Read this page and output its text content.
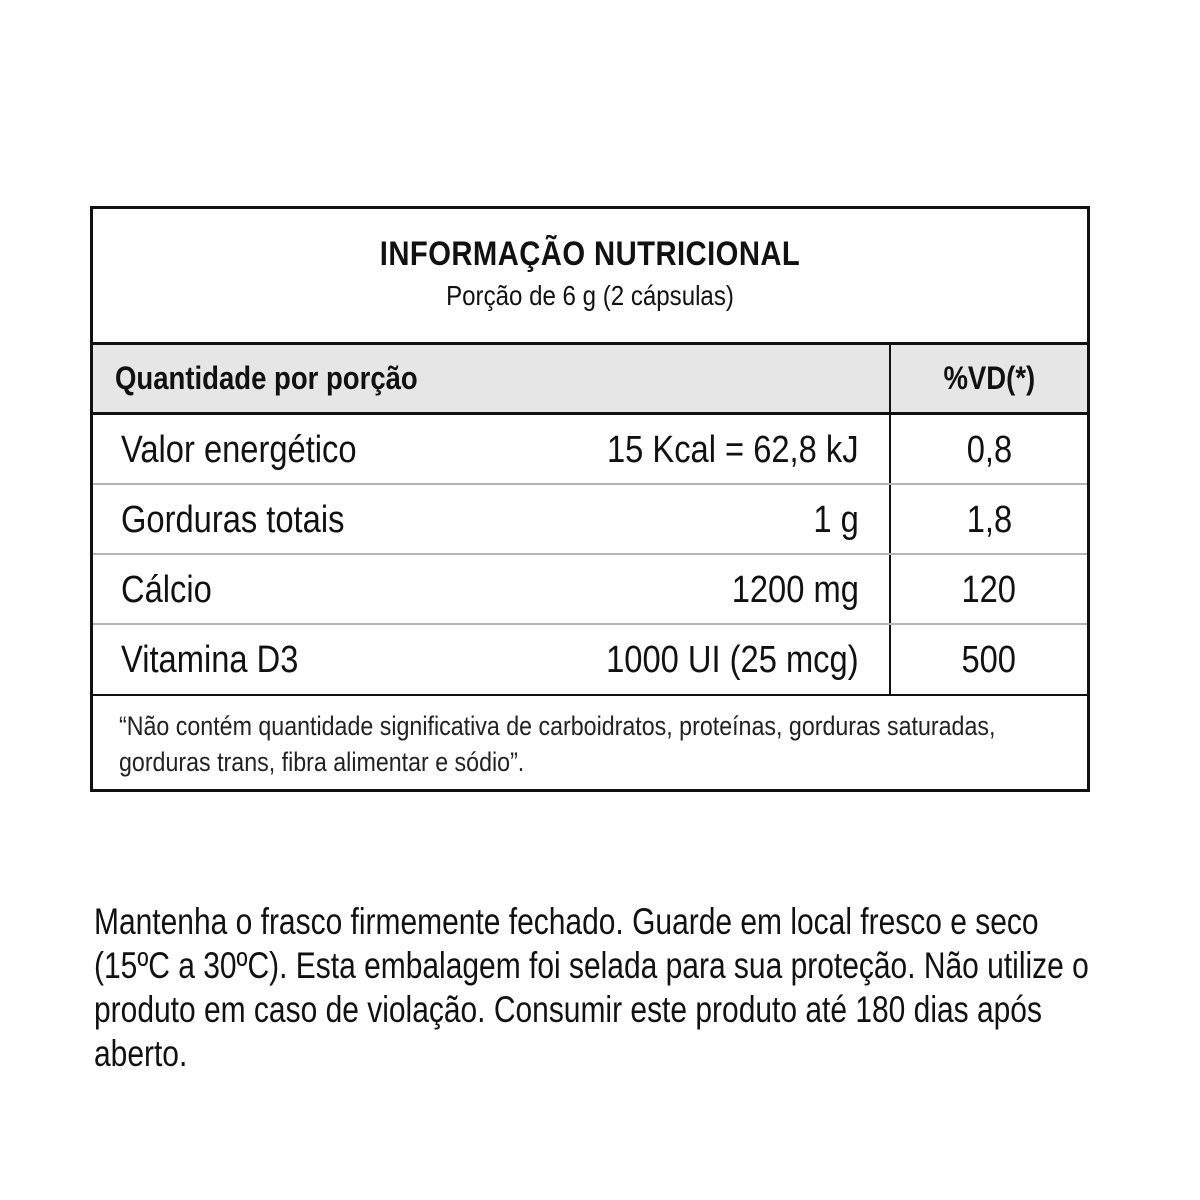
INFORMAÇÃO NUTRICIONAL
Porção de 6 g (2 cápsulas)
Quantidade por porção	%VD(*)
Valor energético	15 Kcal = 62,8 kJ	0,8
Gorduras totais	1 g	1,8
Cálcio	1200 mg	120
Vitamina D3	1000 UI (25 mcg)	500
“Não contém quantidade significativa de carboidratos, proteínas, gorduras saturadas, gorduras trans, fibra alimentar e sódio”.
Mantenha o frasco firmemente fechado. Guarde em local fresco e seco (15ºC a 30ºC). Esta embalagem foi selada para sua proteção. Não utilize o produto em caso de violação. Consumir este produto até 180 dias após aberto.
